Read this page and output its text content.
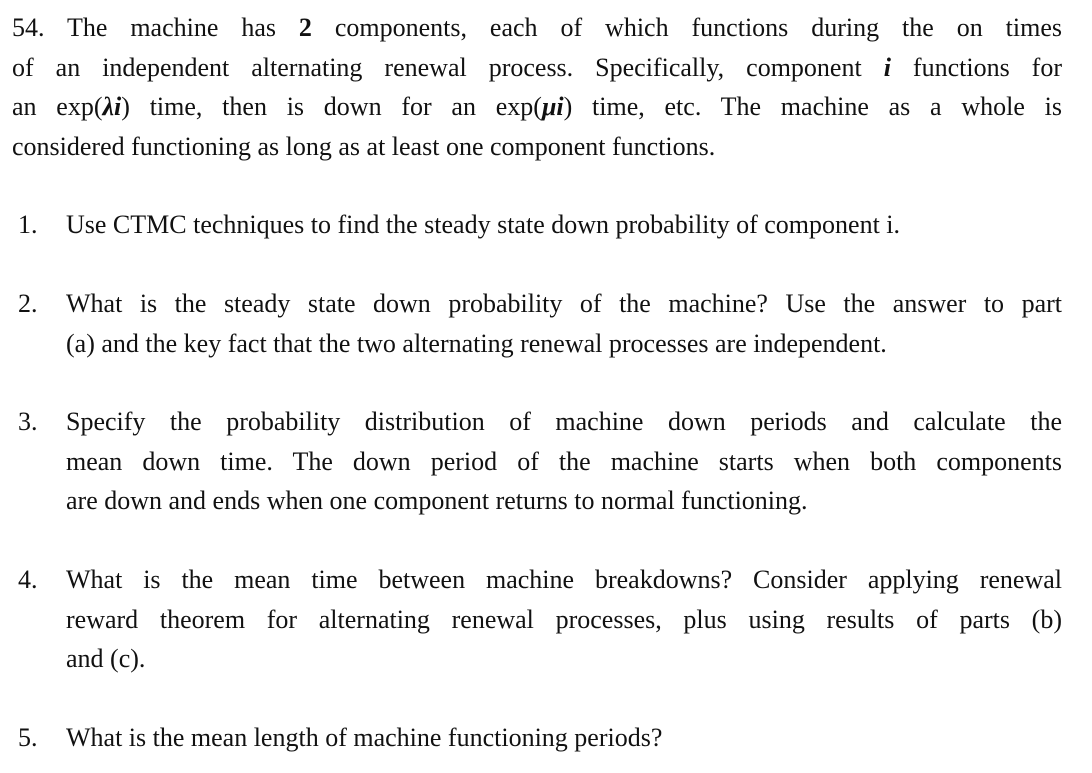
54. The machine has 2 components, each of which functions during the on times
of an independent alternating renewal process. Specifically, component i functions for
an exp(λi) time, then is down for an exp(μi) time, etc. The machine as a whole is
considered functioning as long as at least one component functions.
1.	Use CTMC techniques to find the steady state down probability of component i.
2.	What is the steady state down probability of the machine? Use the answer to part
(a) and the key fact that the two alternating renewal processes are independent.
3.	Specify the probability distribution of machine down periods and calculate the
mean down time. The down period of the machine starts when both components
are down and ends when one component returns to normal functioning.
4.	What is the mean time between machine breakdowns? Consider applying renewal
reward theorem for alternating renewal processes, plus using results of parts (b)
and (c).
5.	What is the mean length of machine functioning periods?
